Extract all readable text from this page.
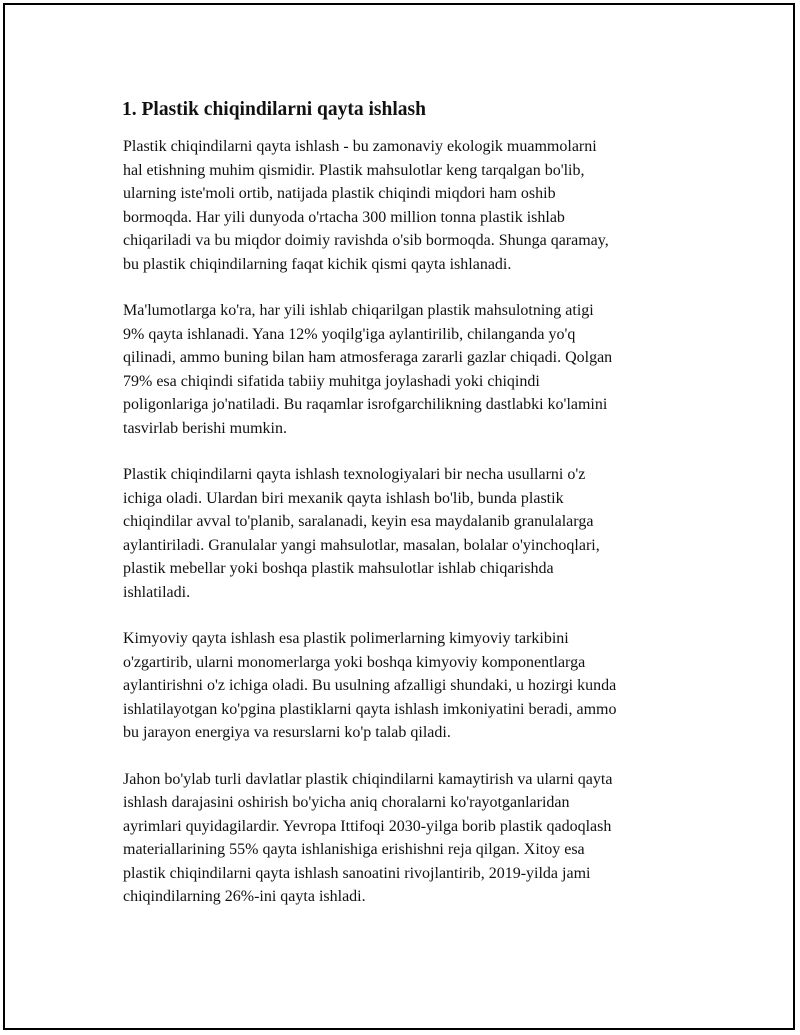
1. Plastik chiqindilarni qayta ishlash

Plastik chiqindilarni qayta ishlash - bu zamonaviy ekologik muammolarni
hal etishning muhim qismidir. Plastik mahsulotlar keng tarqalgan bo'lib,
ularning iste'moli ortib, natijada plastik chiqindi miqdori ham oshib
bormoqda. Har yili dunyoda o'rtacha 300 million tonna plastik ishlab
chiqariladi va bu miqdor doimiy ravishda o'sib bormoqda. Shunga qaramay,
bu plastik chiqindilarning faqat kichik qismi qayta ishlanadi.

Ma'lumotlarga ko'ra, har yili ishlab chiqarilgan plastik mahsulotning atigi
9% qayta ishlanadi. Yana 12% yoqilg'iga aylantirilib, chilanganda yo'q
qilinadi, ammo buning bilan ham atmosferaga zararli gazlar chiqadi. Qolgan
79% esa chiqindi sifatida tabiiy muhitga joylashadi yoki chiqindi
poligonlariga jo'natiladi. Bu raqamlar isrofgarchilikning dastlabki ko'lamini
tasvirlab berishi mumkin.

Plastik chiqindilarni qayta ishlash texnologiyalari bir necha usullarni o'z
ichiga oladi. Ulardan biri mexanik qayta ishlash bo'lib, bunda plastik
chiqindilar avval to'planib, saralanadi, keyin esa maydalanib granulalarga
aylantiriladi. Granulalar yangi mahsulotlar, masalan, bolalar o'yinchoqlari,
plastik mebellar yoki boshqa plastik mahsulotlar ishlab chiqarishda
ishlatiladi.

Kimyoviy qayta ishlash esa plastik polimerlarning kimyoviy tarkibini
o'zgartirib, ularni monomerlarga yoki boshqa kimyoviy komponentlarga
aylantirishni o'z ichiga oladi. Bu usulning afzalligi shundaki, u hozirgi kunda
ishlatilayotgan ko'pgina plastiklarni qayta ishlash imkoniyatini beradi, ammo
bu jarayon energiya va resurslarni ko'p talab qiladi.

Jahon bo'ylab turli davlatlar plastik chiqindilarni kamaytirish va ularni qayta
ishlash darajasini oshirish bo'yicha aniq choralarni ko'rayotganlaridan
ayrimlari quyidagilardir. Yevropa Ittifoqi 2030-yilga borib plastik qadoqlash
materiallarining 55% qayta ishlanishiga erishishni reja qilgan. Xitoy esa
plastik chiqindilarni qayta ishlash sanoatini rivojlantirib, 2019-yilda jami
chiqindilarning 26%-ini qayta ishladi.
